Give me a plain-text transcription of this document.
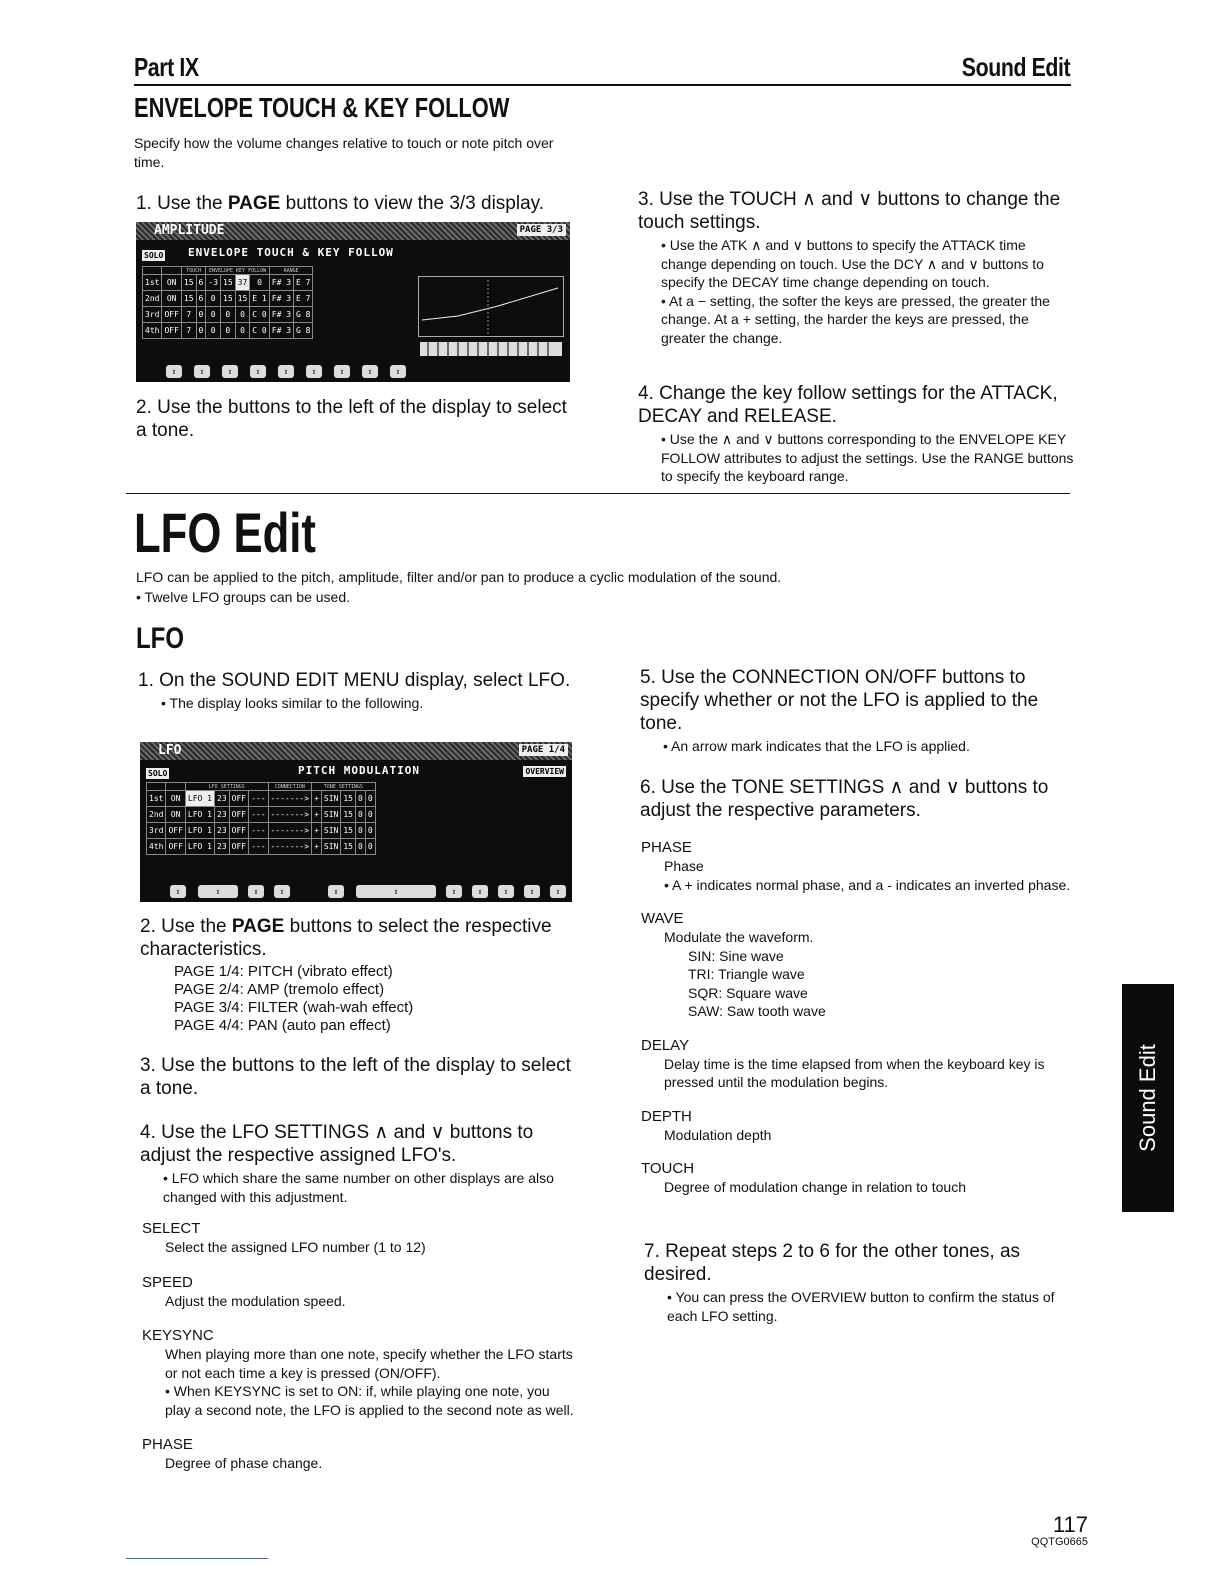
Part IX	Sound Edit
ENVELOPE TOUCH & KEY FOLLOW
Specify how the volume changes relative to touch or note pitch over time.
1. Use the PAGE buttons to view the 3/3 display.
AMPLITUDE	PAGE 3/3
SOLO ENVELOPE TOUCH & KEY FOLLOW
		TOUCH		ENVELOPE KEY FOLLOW				RANGE	
1st	ON	15	6	-3	15	37	0	F# 3	E 7
2nd	ON	15	6	0	15	15	E 1	F# 3	E 7
3rd	OFF	7	0	0	0	0	C 0	F# 3	G 8
4th	OFF	7	0	0	0	0	C 0	F# 3	G 8
⇕	⇕	⇕	⇕	⇕	⇕	⇕	⇕	⇕
2. Use the buttons to the left of the display to select a tone.
3. Use the TOUCH ∧ and ∨ buttons to change the touch settings.
• Use the ATK ∧ and ∨ buttons to specify the ATTACK time change depending on touch. Use the DCY ∧ and ∨ buttons to specify the DECAY time change depending on touch.
• At a − setting, the softer the keys are pressed, the greater the change. At a + setting, the harder the keys are pressed, the greater the change.
4. Change the key follow settings for the ATTACK, DECAY and RELEASE.
• Use the ∧ and ∨ buttons corresponding to the ENVELOPE KEY FOLLOW attributes to adjust the settings. Use the RANGE buttons to specify the keyboard range.
LFO Edit
LFO can be applied to the pitch, amplitude, filter and/or pan to produce a cyclic modulation of the sound.
• Twelve LFO groups can be used.
LFO
1. On the SOUND EDIT MENU display, select LFO.
• The display looks similar to the following.
LFO	PAGE 1/4
SOLO	PITCH MODULATION	OVERVIEW
		LFO SETTINGS				CONNECTION	TONE SETTINGS				
1st	ON	LFO 1	23	OFF	---	------->	+	SIN	15	0	0
2nd	ON	LFO 1	23	OFF	---	------->	+	SIN	15	0	0
3rd	OFF	LFO 1	23	OFF	---	------->	+	SIN	15	0	0
4th	OFF	LFO 1	23	OFF	---	------->	+	SIN	15	0	0
⇕	⇕	⇕	⇕	⇕	⇕	⇕	⇕	⇕	⇕	⇕
2. Use the PAGE buttons to select the respective characteristics.
PAGE 1/4: PITCH (vibrato effect)
PAGE 2/4: AMP (tremolo effect)
PAGE 3/4: FILTER (wah-wah effect)
PAGE 4/4: PAN (auto pan effect)
3. Use the buttons to the left of the display to select a tone.
4. Use the LFO SETTINGS ∧ and ∨ buttons to adjust the respective assigned LFO's.
• LFO which share the same number on other displays are also changed with this adjustment.
SELECT
Select the assigned LFO number (1 to 12)
SPEED
Adjust the modulation speed.
KEYSYNC
When playing more than one note, specify whether the LFO starts or not each time a key is pressed (ON/OFF).
• When KEYSYNC is set to ON: if, while playing one note, you play a second note, the LFO is applied to the second note as well.
PHASE
Degree of phase change.
5. Use the CONNECTION ON/OFF buttons to specify whether or not the LFO is applied to the tone.
• An arrow mark indicates that the LFO is applied.
6. Use the TONE SETTINGS ∧ and ∨ buttons to adjust the respective parameters.
PHASE
Phase
• A + indicates normal phase, and a - indicates an inverted phase.
WAVE
Modulate the waveform.
SIN: Sine wave
TRI: Triangle wave
SQR: Square wave
SAW: Saw tooth wave
DELAY
Delay time is the time elapsed from when the keyboard key is pressed until the modulation begins.
DEPTH
Modulation depth
TOUCH
Degree of modulation change in relation to touch
7. Repeat steps 2 to 6 for the other tones, as desired.
• You can press the OVERVIEW button to confirm the status of each LFO setting.
Sound Edit
117
QQTG0665
